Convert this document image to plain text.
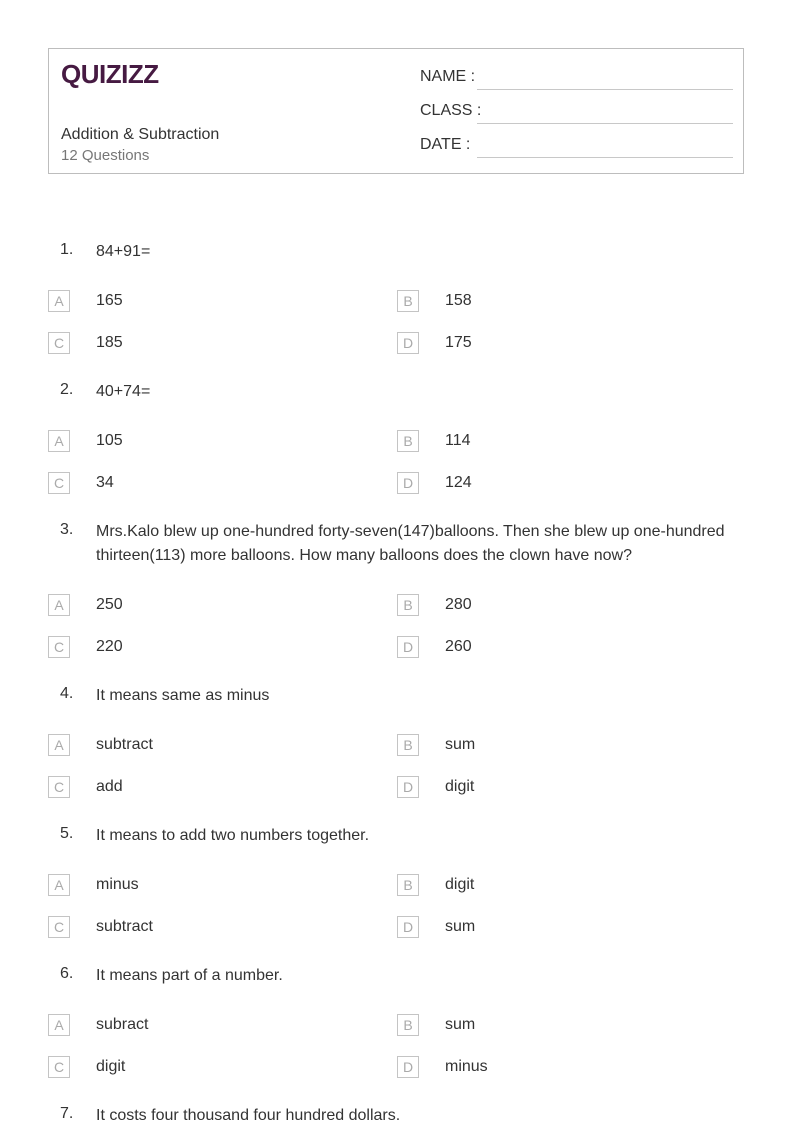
QUIZIZZ
Addition & Subtraction
12 Questions
NAME :
CLASS :
DATE :
1. 84+91=
A	165	B	158
C	185	D	175
2. 40+74=
A	105	B	114
C	34	D	124
3. Mrs.Kalo blew up one-hundred forty-seven(147)balloons. Then she blew up one-hundred thirteen(113) more balloons. How many balloons does the clown have now?
A	250	B	280
C	220	D	260
4. It means same as minus
A	subtract	B	sum
C	add	D	digit
5. It means to add two numbers together.
A	minus	B	digit
C	subtract	D	sum
6. It means part of a number.
A	subract	B	sum
C	digit	D	minus
7. It costs four thousand four hundred dollars.
